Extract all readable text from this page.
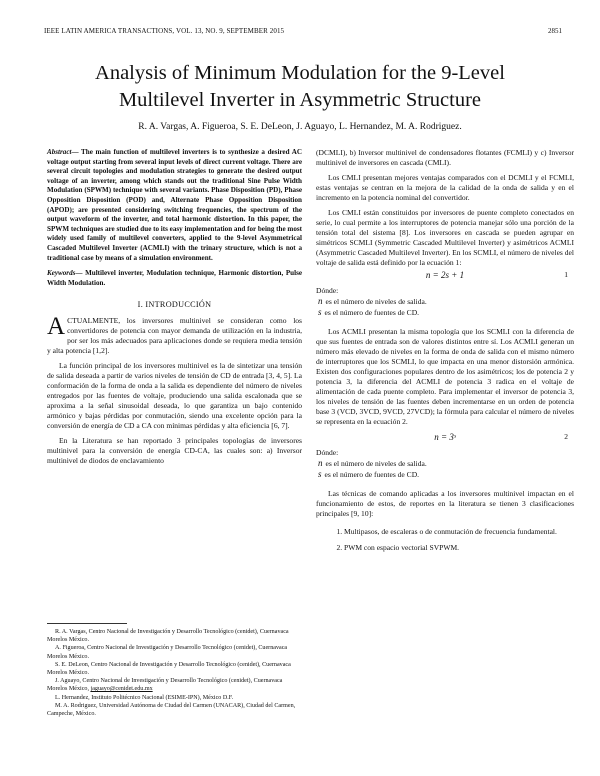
IEEE LATIN AMERICA TRANSACTIONS, VOL. 13, NO. 9, SEPTEMBER 2015	2851
Analysis of Minimum Modulation for the 9-Level
Multilevel Inverter in Asymmetric Structure
R. A. Vargas, A. Figueroa, S. E. DeLeon, J. Aguayo, L. Hernandez, M. A. Rodriguez.

Abstract— The main function of multilevel inverters is to synthesize a desired AC voltage output starting from several input levels of direct current voltage. There are several circuit topologies and modulation strategies to generate the desired output voltage of an inverter, among which stands out the traditional Sine Pulse Width Modulation (SPWM) technique with several variants. Phase Disposition (PD), Phase Opposition Disposition (POD) and, Alternate Phase Opposition Disposition (APOD); are presented considering switching frequencies, the spectrum of the output waveform of the inverter, and total harmonic distortion. In this paper, the SPWM techniques are studied due to its easy implementation and for being the most widely used family of multilevel converters, applied to the 9-level Asymmetrical Cascaded Multilevel Inverter (ACMLI) with the trinary structure, which is not a traditional case by means of a simulation environment.

Keywords— Multilevel inverter, Modulation technique, Harmonic distortion, Pulse Width Modulation.

I. INTRODUCCIÓN

ACTUALMENTE, los inversores multinivel se consideran como los convertidores de potencia con mayor demanda de utilización en la industria, por ser los más adecuados para aplicaciones donde se requiera media tensión y alta potencia [1,2].

La función principal de los inversores multinivel es la de sintetizar una tensión de salida deseada a partir de varios niveles de tensión de CD de entrada [3, 4, 5]. La conformación de la forma de onda a la salida es dependiente del número de niveles entregados por las fuentes de voltaje, produciendo una salida escalonada que se aproxima a la señal sinusoidal deseada, lo que garantiza un bajo contenido armónico y bajas pérdidas por conmutación, siendo una excelente opción para la conversión de energía de CD a CA con mínimas pérdidas y alta eficiencia [6, 7].

En la Literatura se han reportado 3 principales topologías de inversores multinivel para la conversión de energía CD-CA, las cuales son: a) Inversor multinivel de diodos de enclavamiento

(DCMLI), b) Inversor multinivel de condensadores flotantes (FCMLI) y c) Inversor multinivel de inversores en cascada (CMLI).

Los CMLI presentan mejores ventajas comparados con el DCMLI y el FCMLI, estas ventajas se centran en la mejora de la calidad de la onda de salida y en el incremento en la potencia nominal del convertidor.

Los CMLI están constituidos por inversores de puente completo conectados en serie, lo cual permite a los interruptores de potencia manejar sólo una porción de la tensión total del sistema [8]. Los inversores en cascada se pueden agrupar en simétricos SCMLI (Symmetric Cascaded Multilevel Inverter) y asimétricos ACMLI (Asymmetric Cascaded Multilevel Inverter). En los SCMLI, el número de niveles del voltaje de salida está definido por la ecuación 1:

n = 2s + 1	1
Dónde:
n es el número de niveles de salida.
s es el número de fuentes de CD.

Los ACMLI presentan la misma topología que los SCMLI con la diferencia de que sus fuentes de entrada son de valores distintos entre sí. Los ACMLI generan un número más elevado de niveles en la forma de onda de salida con el mismo número de interruptores que los SCMLI, lo que impacta en una menor distorsión armónica. Existen dos configuraciones populares dentro de los asimétricos; los de potencia 2 y potencia 3, la diferencia del ACMLI de potencia 3 radica en el voltaje de alimentación de cada puente completo. Para implementar el inversor de potencia 3, los niveles de tensión de las fuentes deben incrementarse en un orden de potencia base 3 (VCD, 3VCD, 9VCD, 27VCD); la fórmula para calcular el número de niveles se representa en la ecuación 2.

n = 3ˢ	2
Dónde:
n es el número de niveles de salida.
s es el número de fuentes de CD.

Las técnicas de comando aplicadas a los inversores multinivel impactan en el funcionamiento de estos, de reportes en la literatura se tienen 3 clasificaciones principales [9, 10]:

1. Multipasos, de escaleras o de conmutación de frecuencia fundamental.
2. PWM con espacio vectorial SVPWM.

R. A. Vargas, Centro Nacional de Investigación y Desarrollo Tecnológico (cenidet), Cuernavaca Morelos México.

A. Figueroa, Centro Nacional de Investigación y Desarrollo Tecnológico (cenidet), Cuernavaca Morelos México.

S. E. DeLeon, Centro Nacional de Investigación y Desarrollo Tecnológico (cenidet), Cuernavaca Morelos México.

J. Aguayo, Centro Nacional de Investigación y Desarrollo Tecnológico (cenidet), Cuernavaca Morelos México, jaguayo@cenidet.edu.mx

L. Hernandez, Instituto Politécnico Nacional (ESIME-IPN), México D.F.

M. A. Rodriguez, Universidad Autónoma de Ciudad del Carmen (UNACAR), Ciudad del Carmen, Campeche, México.
